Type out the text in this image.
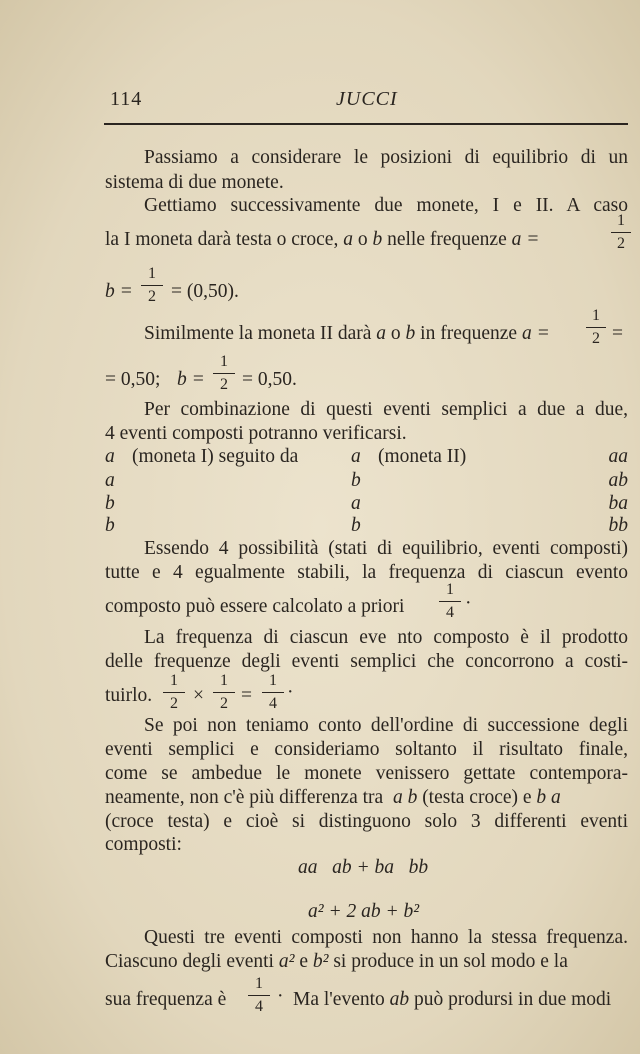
114	JUCCI
Passiamo a considerare le posizioni di equilibrio di un
sistema di due monete.
Gettiamo successivamente due monete, I e II. A caso
la I moneta darà testa o croce, a o b nelle frequenze a =
1
2
b =
1
2 = (0,50).
Similmente la moneta II darà a o b in frequenze a =
1
2 =
= 0,50; b =
1
2 = 0,50.
Per combinazione di questi eventi semplici a due a due,
4 eventi composti potranno verificarsi.
a (moneta I) seguito da	a (moneta II)	aa
a	b	ab
b	a	ba
b	b	bb
Essendo 4 possibilità (stati di equilibrio, eventi composti)
tutte e 4 egualmente stabili, la frequenza di ciascun evento
composto può essere calcolato a priori
1
4 ·
La frequenza di ciascun eve nto composto è il prodotto
delle frequenze degli eventi semplici che concorrono a costi-
tuirlo.
1
2 ×
1
2 =
1
4
·
Se poi non teniamo conto dell'ordine di successione degli
eventi semplici e consideriamo soltanto il risultato finale,
come se ambedue le monete venissero gettate contempora-
neamente, non c'è più differenza tra a b (testa croce) e b a
(croce testa) e cioè si distinguono solo 3 differenti eventi
composti:
aa   ab + ba   bb
a² + 2 ab + b²
Questi tre eventi composti non hanno la stessa frequenza.
Ciascuno degli eventi a² e b² si produce in un sol modo e la
sua frequenza è
1
4 · Ma l'evento ab può prodursi in due modi
